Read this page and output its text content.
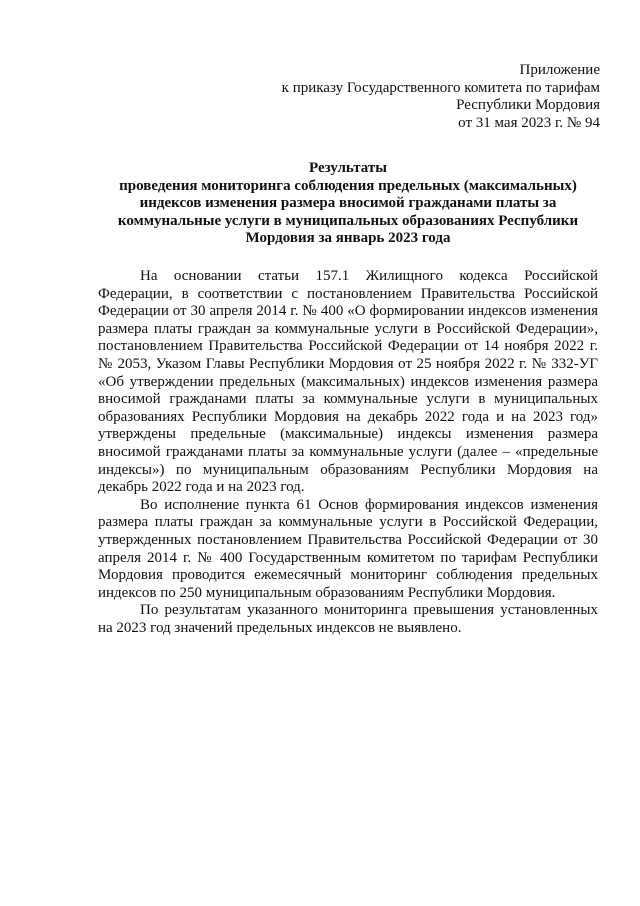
Приложение
к приказу Государственного комитета по тарифам
Республики Мордовия
от 31 мая 2023 г. № 94
Результаты
проведения мониторинга соблюдения предельных (максимальных)
индексов изменения размера вносимой гражданами платы за
коммунальные услуги в муниципальных образованиях Республики
Мордовия за январь 2023 года

На основании статьи 157.1 Жилищного кодекса Российской Федерации, в соответствии с постановлением Правительства Российской Федерации от 30 апреля 2014 г. № 400 «О формировании индексов изменения размера платы граждан за коммунальные услуги в Российской Федерации», постановлением Правительства Российской Федерации от 14 ноября 2022 г. № 2053, Указом Главы Республики Мордовия от 25 ноября 2022 г. № 332-УГ «Об утверждении предельных (максимальных) индексов изменения размера вносимой гражданами платы за коммунальные услуги в муниципальных образованиях Республики Мордовия на декабрь 2022 года и на 2023 год» утверждены предельные (максимальные) индексы изменения размера вносимой гражданами платы за коммунальные услуги (далее – «предельные индексы») по муниципальным образованиям Республики Мордовия на декабрь 2022 года и на 2023 год.

Во исполнение пункта 61 Основ формирования индексов изменения размера платы граждан за коммунальные услуги в Российской Федерации, утвержденных постановлением Правительства Российской Федерации от 30 апреля 2014 г. № 400 Государственным комитетом по тарифам Республики Мордовия проводится ежемесячный мониторинг соблюдения предельных индексов по 250 муниципальным образованиям Республики Мордовия.

По результатам указанного мониторинга превышения установленных на 2023 год значений предельных индексов не выявлено.
